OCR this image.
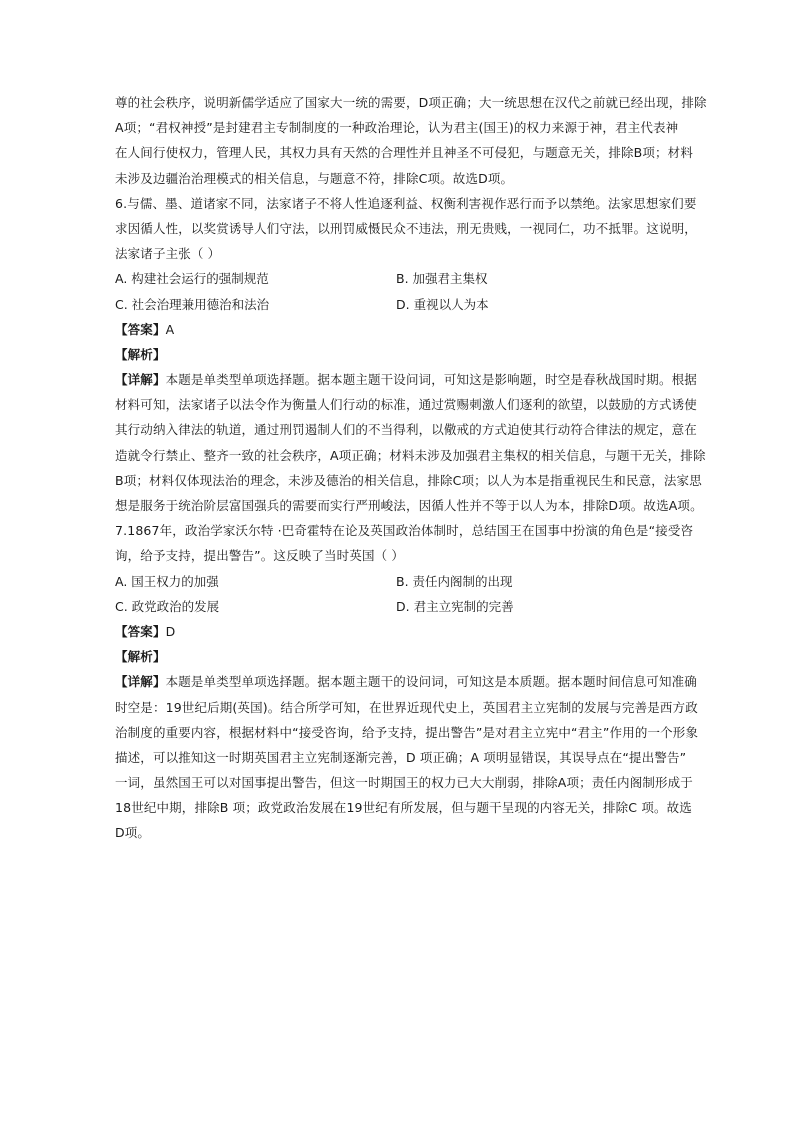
尊的社会秩序，说明新儒学适应了国家大一统的需要，D项正确；大一统思想在汉代之前就已经出现，排除
A项；“君权神授”是封建君主专制制度的一种政治理论，认为君主(国王)的权力来源于神，君主代表神
在人间行使权力，管理人民，其权力具有天然的合理性并且神圣不可侵犯，与题意无关，排除B项；材料
未涉及边疆治治理模式的相关信息，与题意不符，排除C项。故选D项。
6.与儒、墨、道诸家不同，法家诸子不将人性追逐利益、权衡利害视作恶行而予以禁绝。法家思想家们要
求因循人性，以奖赏诱导人们守法，以刑罚威慑民众不违法，刑无贵贱，一视同仁，功不抵罪。这说明，
法家诸子主张（ ）
A. 构建社会运行的强制规范	B. 加强君主集权
C. 社会治理兼用德治和法治	D. 重视以人为本
【答案】A
【解析】
【详解】本题是单类型单项选择题。据本题主题干设问词，可知这是影响题，时空是春秋战国时期。根据
材料可知，法家诸子以法令作为衡量人们行动的标准，通过赏赐刺激人们逐利的欲望，以鼓励的方式诱使
其行动纳入律法的轨道，通过刑罚遏制人们的不当得利，以儆戒的方式迫使其行动符合律法的规定，意在
造就令行禁止、整齐一致的社会秩序，A项正确；材料未涉及加强君主集权的相关信息，与题干无关，排除
B项；材料仅体现法治的理念，未涉及德治的相关信息，排除C项；以人为本是指重视民生和民意，法家思
想是服务于统治阶层富国强兵的需要而实行严刑峻法，因循人性并不等于以人为本，排除D项。故选A项。
7.1867年，政治学家沃尔特 ·巴奇霍特在论及英国政治体制时，总结国王在国事中扮演的角色是“接受咨
询，给予支持，提出警告”。这反映了当时英国（ ）
A. 国王权力的加强	B. 责任内阁制的出现
C. 政党政治的发展	D. 君主立宪制的完善
【答案】D
【解析】
【详解】本题是单类型单项选择题。据本题主题干的设问词，可知这是本质题。据本题时间信息可知准确
时空是：19世纪后期(英国)。结合所学可知，在世界近现代史上，英国君主立宪制的发展与完善是西方政
治制度的重要内容，根据材料中“接受咨询，给予支持，提出警告”是对君主立宪中“君主”作用的一个形象
描述，可以推知这一时期英国君主立宪制逐渐完善，D 项正确；A 项明显错误，其误导点在“提出警告”
一词，虽然国王可以对国事提出警告，但这一时期国王的权力已大大削弱，排除A项；责任内阁制形成于
18世纪中期，排除B 项；政党政治发展在19世纪有所发展，但与题干呈现的内容无关，排除C 项。故选
D项。
